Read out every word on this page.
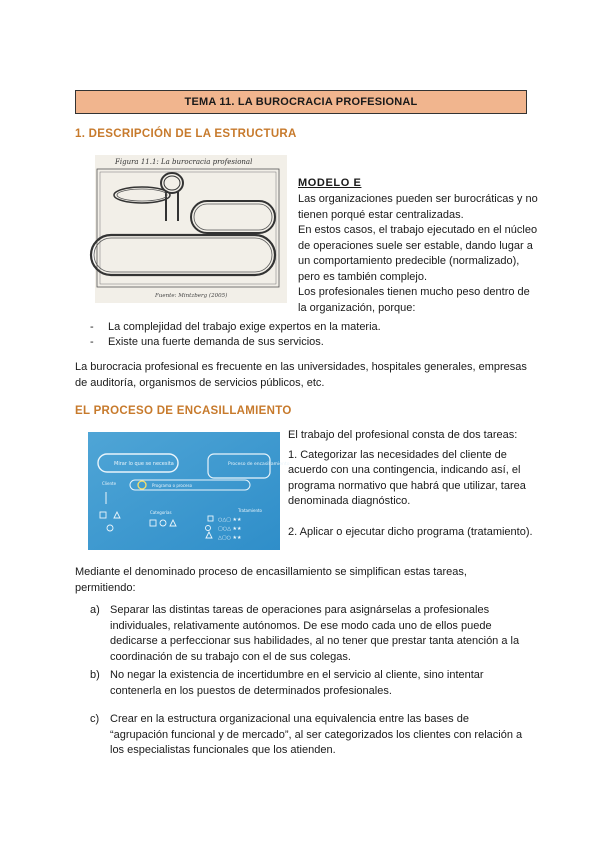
TEMA 11. LA BUROCRACIA PROFESIONAL
1. DESCRIPCIÓN DE LA ESTRUCTURA
Figura 11.1: La burocracia profesional
Fuente: Mintzberg (2005)
MODELO E
Las organizaciones pueden ser burocráticas y no tienen porqué estar centralizadas.
En estos casos, el trabajo ejecutado en el núcleo de operaciones suele ser estable, dando lugar a un comportamiento predecible (normalizado), pero es también complejo.
Los profesionales tienen mucho peso dentro de la organización, porque:
- La complejidad del trabajo exige expertos en la materia.
- Existe una fuerte demanda de sus servicios.
La burocracia profesional es frecuente en las universidades, hospitales generales, empresas de auditoría, organismos de servicios públicos, etc.
EL PROCESO DE ENCASILLAMIENTO
Mirar lo que se necesita	Proceso de encasillamiento
Programa o proceso
Cliente
Categorías	Tratamiento
○△▢ ★★
▢○△ ★★
△▢○ ★★
El trabajo del profesional consta de dos tareas:
1. Categorizar las necesidades del cliente de acuerdo con una contingencia, indicando así, el programa normativo que habrá que utilizar, tarea denominada diagnóstico.
2. Aplicar o ejecutar dicho programa (tratamiento).
Mediante el denominado proceso de encasillamiento se simplifican estas tareas, permitiendo:
a) Separar las distintas tareas de operaciones para asignárselas a profesionales individuales, relativamente autónomos. De ese modo cada uno de ellos puede dedicarse a perfeccionar sus habilidades, al no tener que prestar tanta atención a la coordinación de su trabajo con el de sus colegas.
b) No negar la existencia de incertidumbre en el servicio al cliente, sino intentar contenerla en los puestos de determinados profesionales.
c) Crear en la estructura organizacional una equivalencia entre las bases de “agrupación funcional y de mercado”, al ser categorizados los clientes con relación a los especialistas funcionales que los atienden.
